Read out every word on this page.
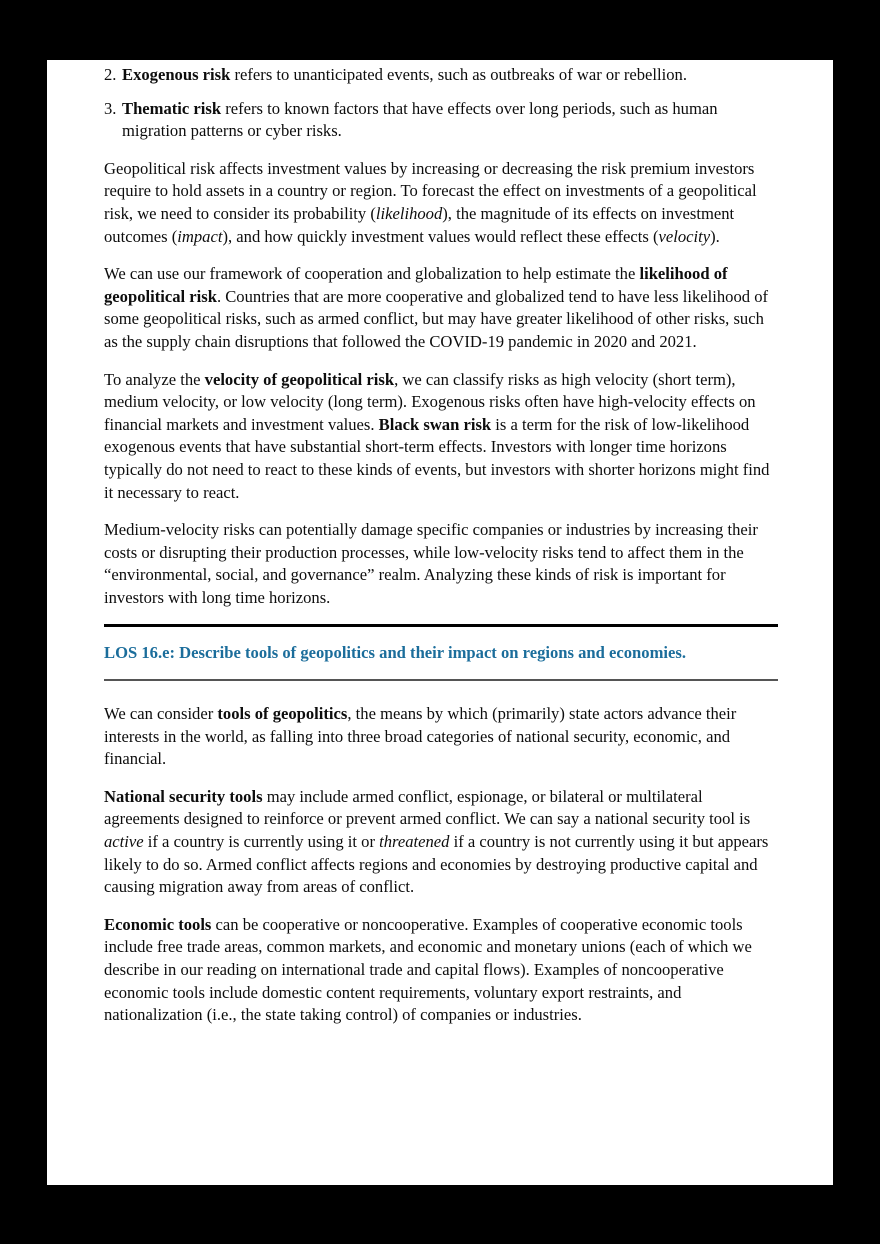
2. Exogenous risk refers to unanticipated events, such as outbreaks of war or rebellion.
3. Thematic risk refers to known factors that have effects over long periods, such as human migration patterns or cyber risks.

Geopolitical risk affects investment values by increasing or decreasing the risk premium investors require to hold assets in a country or region. To forecast the effect on investments of a geopolitical risk, we need to consider its probability (likelihood), the magnitude of its effects on investment outcomes (impact), and how quickly investment values would reflect these effects (velocity).

We can use our framework of cooperation and globalization to help estimate the likelihood of geopolitical risk. Countries that are more cooperative and globalized tend to have less likelihood of some geopolitical risks, such as armed conflict, but may have greater likelihood of other risks, such as the supply chain disruptions that followed the COVID-19 pandemic in 2020 and 2021.

To analyze the velocity of geopolitical risk, we can classify risks as high velocity (short term), medium velocity, or low velocity (long term). Exogenous risks often have high-velocity effects on financial markets and investment values. Black swan risk is a term for the risk of low-likelihood exogenous events that have substantial short-term effects. Investors with longer time horizons typically do not need to react to these kinds of events, but investors with shorter horizons might find it necessary to react.

Medium-velocity risks can potentially damage specific companies or industries by increasing their costs or disrupting their production processes, while low-velocity risks tend to affect them in the “environmental, social, and governance” realm. Analyzing these kinds of risk is important for investors with long time horizons.

LOS 16.e: Describe tools of geopolitics and their impact on regions and economies.

We can consider tools of geopolitics, the means by which (primarily) state actors advance their interests in the world, as falling into three broad categories of national security, economic, and financial.

National security tools may include armed conflict, espionage, or bilateral or multilateral agreements designed to reinforce or prevent armed conflict. We can say a national security tool is active if a country is currently using it or threatened if a country is not currently using it but appears likely to do so. Armed conflict affects regions and economies by destroying productive capital and causing migration away from areas of conflict.

Economic tools can be cooperative or noncooperative. Examples of cooperative economic tools include free trade areas, common markets, and economic and monetary unions (each of which we describe in our reading on international trade and capital flows). Examples of noncooperative economic tools include domestic content requirements, voluntary export restraints, and nationalization (i.e., the state taking control) of companies or industries.
